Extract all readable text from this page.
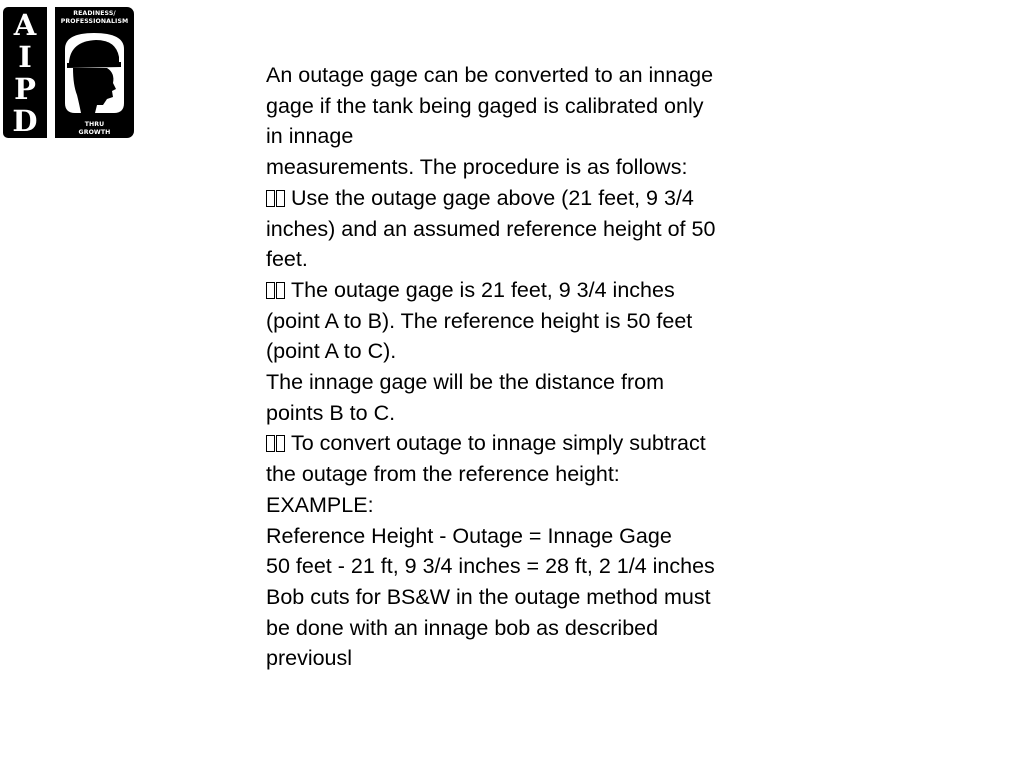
A
I
P
D
READINESS/
PROFESSIONALISM
THRU
GROWTH
An outage gage can be converted to an innage
gage if the tank being gaged is calibrated only
in innage
measurements. The procedure is as follows:
Use the outage gage above (21 feet, 9 3/4
inches) and an assumed reference height of 50
feet.
The outage gage is 21 feet, 9 3/4 inches
(point A to B). The reference height is 50 feet
(point A to C).
The innage gage will be the distance from
points B to C.
To convert outage to innage simply subtract
the outage from the reference height:
EXAMPLE:
Reference Height - Outage = Innage Gage
50 feet - 21 ft, 9 3/4 inches = 28 ft, 2 1/4 inches
Bob cuts for BS&W in the outage method must
be done with an innage bob as described
previousl
